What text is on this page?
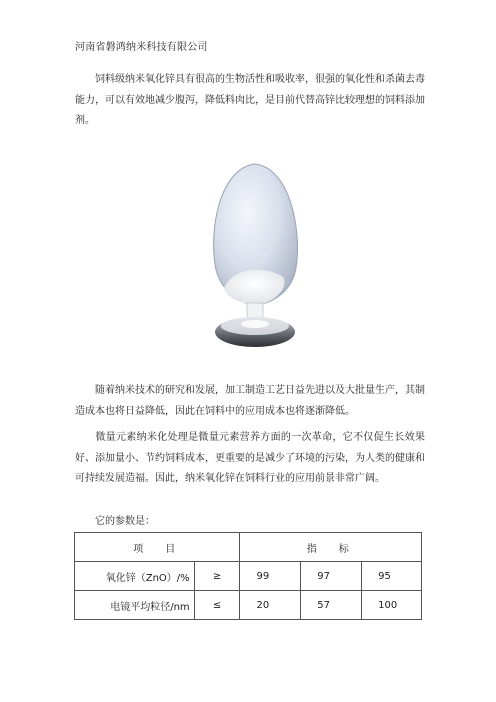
河南省磐鸿纳米科技有限公司
饲料级纳米氧化锌具有很高的生物活性和吸收率，很强的氧化性和杀菌去毒能力，可以有效地减少腹泻，降低料肉比，是目前代替高锌比较理想的饲料添加剂。
随着纳米技术的研究和发展，加工制造工艺日益先进以及大批量生产，其制造成本也将日益降低，因此在饲料中的应用成本也将逐渐降低。
微量元素纳米化处理是微量元素营养方面的一次革命，它不仅促生长效果好、添加量小、节约饲料成本，更重要的是减少了环境的污染，为人类的健康和可持续发展造福。因此，纳米氧化锌在饲料行业的应用前景非常广阔。
它的参数是：
项　目		指　标		
氧化锌（ZnO）/%	≥	99	97	95
电镜平均粒径/nm	≤	20	57	100
